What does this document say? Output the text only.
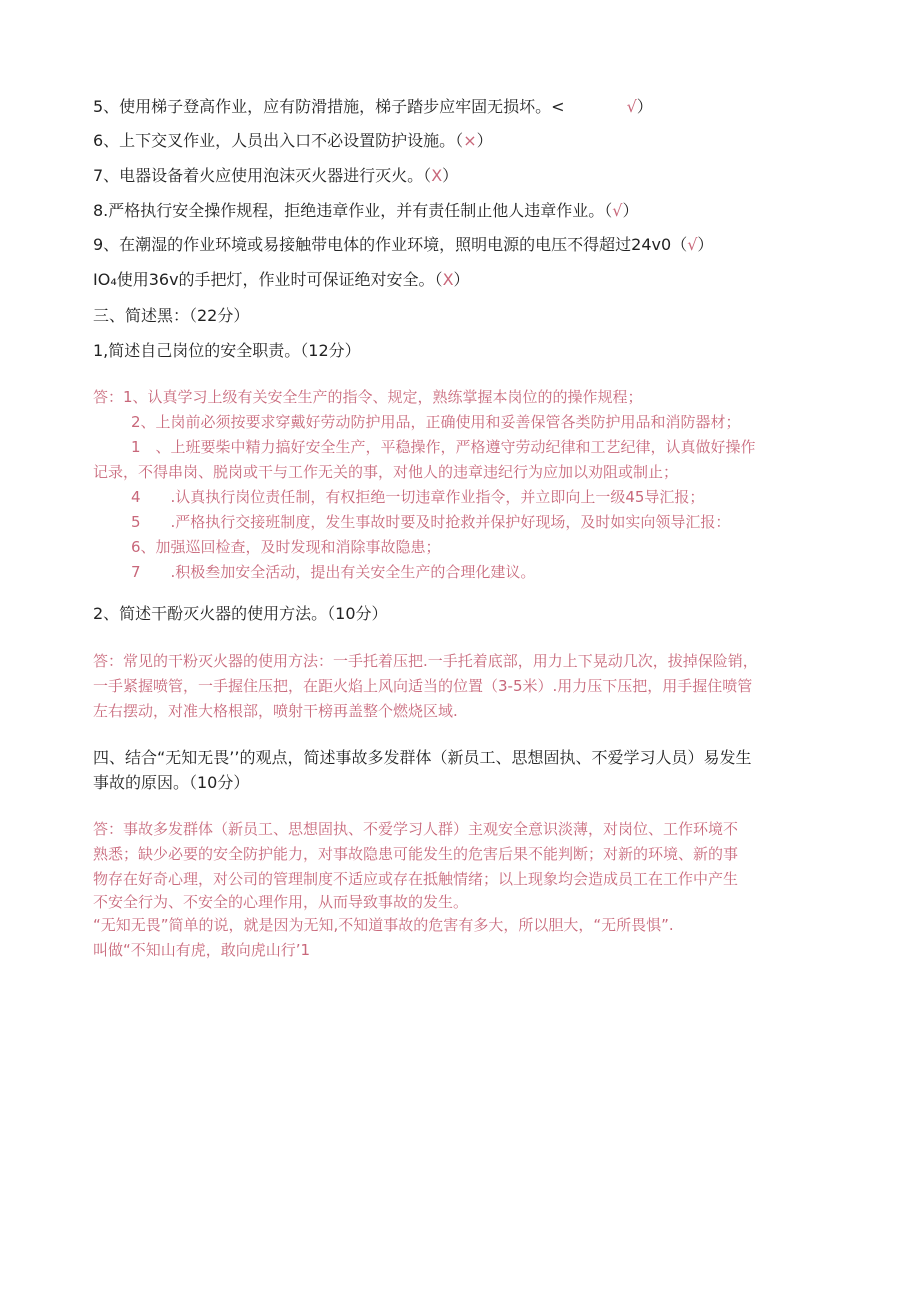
5、使用梯子登高作业，应有防滑措施，梯子踏步应牢固无损坏。<	√）
6、上下交叉作业，人员出入口不必设置防护设施。（×）
7、电器设备着火应使用泡沫灭火器进行灭火。（X）
8.严格执行安全操作规程，拒绝违章作业，并有责任制止他人违章作业。（√）
9、在潮湿的作业环境或易接触带电体的作业环境，照明电源的电压不得超过24v0（√）
IO₄使用36v的手把灯，作业时可保证绝对安全。（X）
三、简述黑：（22分）
1,简述自己岗位的安全职责。（12分）
答：1、认真学习上级有关安全生产的指令、规定，熟练掌握本岗位的的操作规程；
2、上岗前必须按要求穿戴好劳动防护用品，正确使用和妥善保管各类防护用品和消防器材；
1　、上班要柴中精力搞好安全生产，平稳操作，严格遵守劳动纪律和工艺纪律，认真做好操作
记录，不得串岗、脱岗或干与工作无关的事，对他人的违章违纪行为应加以劝阻或制止；
4　　.认真执行岗位责任制，有权拒绝一切违章作业指令，并立即向上一级45导汇报；
5　　.严格执行交接班制度，发生事故时要及时抢救并保护好现场，及时如实向领导汇报：
6、加强巡回检查，及时发现和消除事故隐患；
7　　.积极叁加安全活动，提出有关安全生产的合理化建议。
2、简述干酚灭火器的使用方法。（10分）
答：常见的干粉灭火器的使用方法：一手托着压把.一手托着底部，用力上下晃动几次，拔掉保险销，
一手紧握喷管，一手握住压把，在距火焰上风向适当的位置（3-5米）.用力压下压把，用手握住喷管
左右摆动，对准大格根部，喷射干榜再盖整个燃烧区域.
四、结合“无知无畏’’的观点，简述事故多发群体（新员工、思想固执、不爱学习人员）易发生
事故的原因。（10分）
答：事故多发群体（新员工、思想固执、不爱学习人群）主观安全意识淡薄，对岗位、工作环境不
熟悉；缺少必要的安全防护能力，对事故隐患可能发生的危害后果不能判断；对新的环境、新的事
物存在好奇心理，对公司的管理制度不适应或存在抵触情绪；以上现象均会造成员工在工作中产生
不安全行为、不安全的心理作用，从而导致事故的发生。
“无知无畏”简单的说，就是因为无知,不知道事故的危害有多大，所以胆大，“无所畏惧”.
叫做“不知山有虎，敢向虎山行’1
